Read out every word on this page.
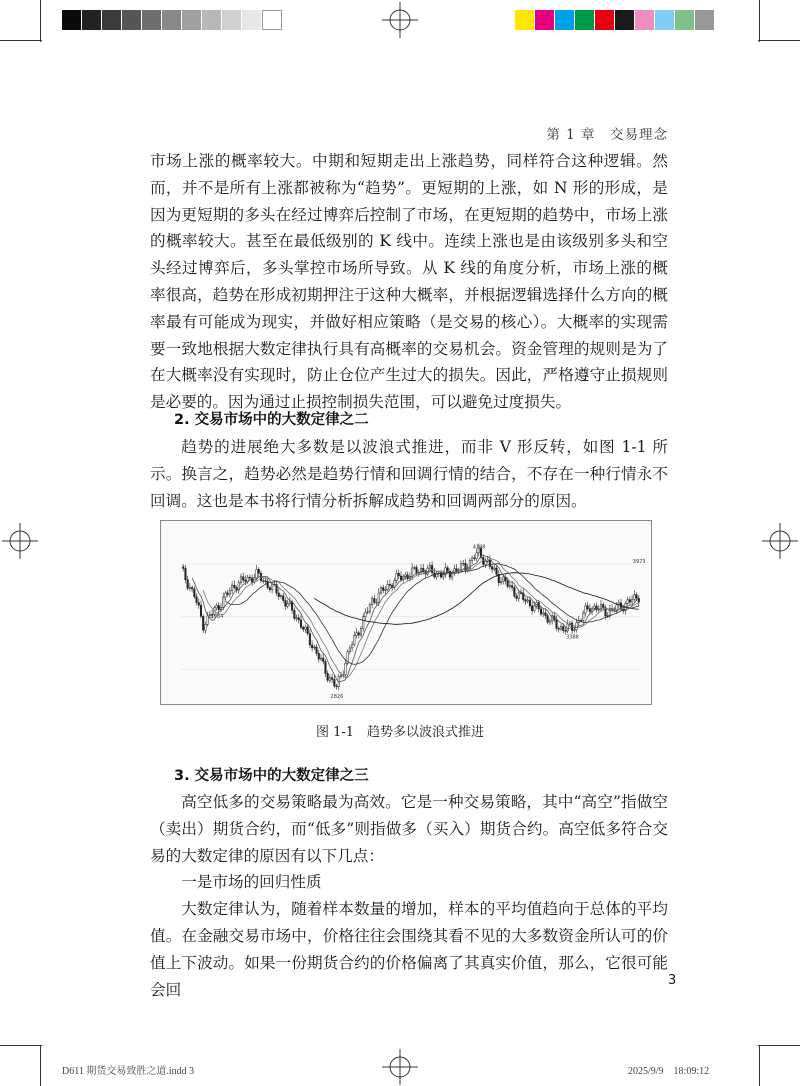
第 1 章　交易理念

市场上涨的概率较大。中期和短期走出上涨趋势，同样符合这种逻辑。然而，并不是所有上涨都被称为“趋势”。更短期的上涨，如 N 形的形成，是因为更短期的多头在经过博弈后控制了市场，在更短期的趋势中，市场上涨的概率较大。甚至在最低级别的 K 线中。连续上涨也是由该级别多头和空头经过博弈后，多头掌控市场所导致。从 K 线的角度分析，市场上涨的概率很高，趋势在形成初期押注于这种大概率，并根据逻辑选择什么方向的概率最有可能成为现实，并做好相应策略（是交易的核心）。大概率的实现需要一致地根据大数定律执行具有高概率的交易机会。资金管理的规则是为了在大概率没有实现时，防止仓位产生过大的损失。因此，严格遵守止损规则是必要的。因为通过止损控制损失范围，可以避免过度损失。

2. 交易市场中的大数定律之二

趋势的进展绝大多数是以波浪式推进，而非 V 形反转，如图 1-1 所示。换言之，趋势必然是趋势行情和回调行情的结合，不存在一种行情永不回调。这也是本书将行情分析拆解成趋势和回调两部分的原因。

4108
3584
2826
3388
3973
图 1-1　趋势多以波浪式推进
3. 交易市场中的大数定律之三

高空低多的交易策略最为高效。它是一种交易策略，其中“高空”指做空（卖出）期货合约，而“低多”则指做多（买入）期货合约。高空低多符合交易的大数定律的原因有以下几点：

一是市场的回归性质

大数定律认为，随着样本数量的增加，样本的平均值趋向于总体的平均值。在金融交易市场中，价格往往会围绕其看不见的大多数资金所认可的价值上下波动。如果一份期货合约的价格偏离了其真实价值，那么，它很可能会回

3
D611 期货交易致胜之道.indd 3	2025/9/9　18:09:12
